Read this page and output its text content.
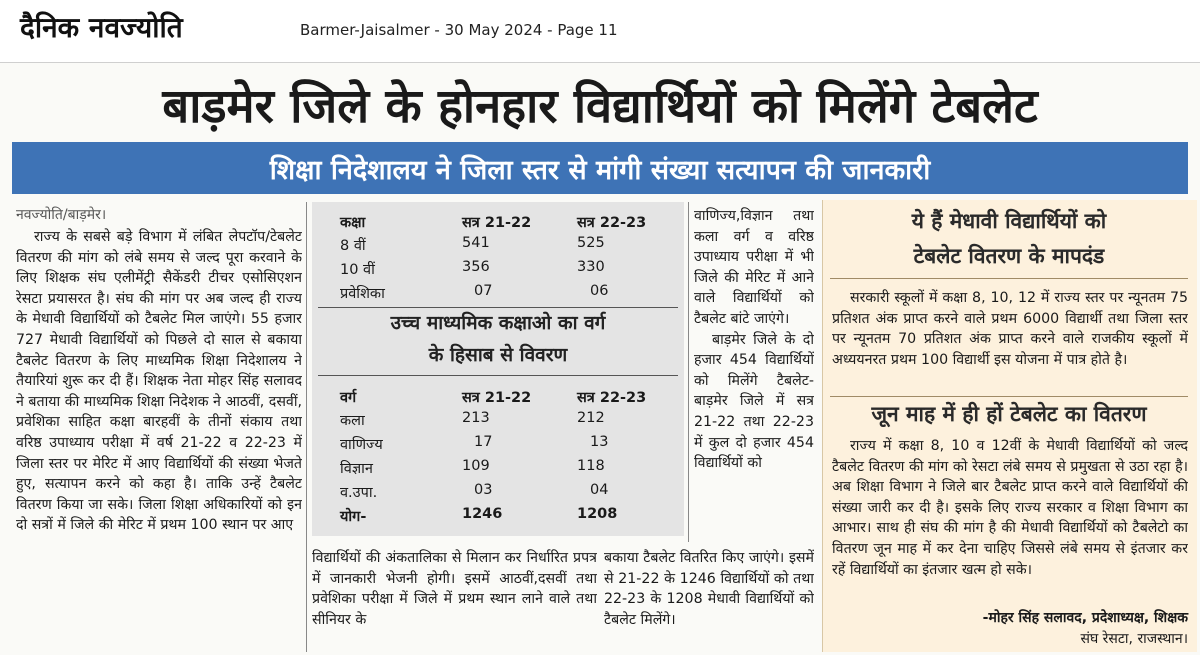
दैनिक नवज्योति	Barmer-Jaisalmer - 30 May 2024 - Page 11
बाड़मेर जिले के होनहार विद्यार्थियों को मिलेंगे टेबलेट
शिक्षा निदेशालय ने जिला स्तर से मांगी संख्या सत्यापन की जानकारी
नवज्योति/बाड़मेर।

राज्य के सबसे बड़े विभाग में लंबित लेपटॉप/टेबलेट वितरण की मांग को लंबे समय से जल्द पूरा करवाने के लिए शिक्षक संघ एलीमेंट्री सैकेंडरी टीचर एसोसिएशन रेसटा प्रयासरत है। संघ की मांग पर अब जल्द ही राज्य के मेधावी विद्यार्थियों को टैबलेट मिल जाएंगे। 55 हजार 727 मेधावी विद्यार्थियों को पिछले दो साल से बकाया टैबलेट वितरण के लिए माध्यमिक शिक्षा निदेशालय ने तैयारियां शुरू कर दी हैं। शिक्षक नेता मोहर सिंह सलावद ने बताया की माध्यमिक शिक्षा निदेशक ने आठवीं, दसवीं, प्रवेशिका साहित कक्षा बारहवीं के तीनों संकाय तथा वरिष्ठ उपाध्याय परीक्षा में वर्ष 21-22 व 22-23 में जिला स्तर पर मेरिट में आए विद्यार्थियों की संख्या भेजते हुए, सत्यापन करने को कहा है। ताकि उन्हें टैबलेट वितरण किया जा सके। जिला शिक्षा अधिकारियों को इन दो सत्रों में जिले की मेरिट में प्रथम 100 स्थान पर आए

कक्षा	सत्र 21-22	सत्र 22-23
8 वीं	541	525
10 वीं	356	330
प्रवेशिका	07	06
वर्ग	सत्र 21-22	सत्र 22-23
कला	213	212
वाणिज्य	17	13
विज्ञान	109	118
व.उपा.	03	04
योग-	1246	1208
उच्च माध्यमिक कक्षाओ का वर्ग
के हिसाब से विवरण

वाणिज्य,विज्ञान तथा कला वर्ग व वरिष्ठ उपाध्याय परीक्षा में भी जिले की मेरिट में आने वाले विद्यार्थियों को टैबलेट बांटे जाएंगे।

बाड़मेर जिले के दो हजार 454 विद्यार्थियों को मिलेंगे टैबलेट-बाड़मेर जिले में सत्र 21-22 तथा 22-23 में कुल दो हजार 454 विद्यार्थियों को

विद्यार्थियों की अंकतालिका से मिलान कर निर्धारित प्रपत्र में जानकारी भेजनी होगी। इसमें आठवीं,दसवीं तथा प्रवेशिका परीक्षा में जिले में प्रथम स्थान लाने वाले तथा सीनियर के

बकाया टैबलेट वितरित किए जाएंगे। इसमें से 21-22 के 1246 विद्यार्थियों को तथा 22-23 के 1208 मेधावी विद्यार्थियों को टैबलेट मिलेंगे।

ये हैं मेधावी विद्यार्थियों को
टेबलेट वितरण के मापदंड

सरकारी स्कूलों में कक्षा 8, 10, 12 में राज्य स्तर पर न्यूनतम 75 प्रतिशत अंक प्राप्त करने वाले प्रथम 6000 विद्यार्थी तथा जिला स्तर पर न्यूनतम 70 प्रतिशत अंक प्राप्त करने वाले राजकीय स्कूलों में अध्ययनरत प्रथम 100 विद्यार्थी इस योजना में पात्र होते है।

जून माह में ही हों टेबलेट का वितरण

राज्य में कक्षा 8, 10 व 12वीं के मेधावी विद्यार्थियों को जल्द टैबलेट वितरण की मांग को रेसटा लंबे समय से प्रमुखता से उठा रहा है। अब शिक्षा विभाग ने जिले बार टैबलेट प्राप्त करने वाले विद्यार्थियों की संख्या जारी कर दी है। इसके लिए राज्य सरकार व शिक्षा विभाग का आभार। साथ ही संघ की मांग है की मेधावी विद्यार्थियों को टैबलेटो का वितरण जून माह में कर देना चाहिए जिससे लंबे समय से इंतजार कर रहें विद्यार्थियों का इंतजार खत्म हो सके।

-मोहर सिंह सलावद, प्रदेशाध्यक्ष, शिक्षक
संघ रेसटा, राजस्थान।
